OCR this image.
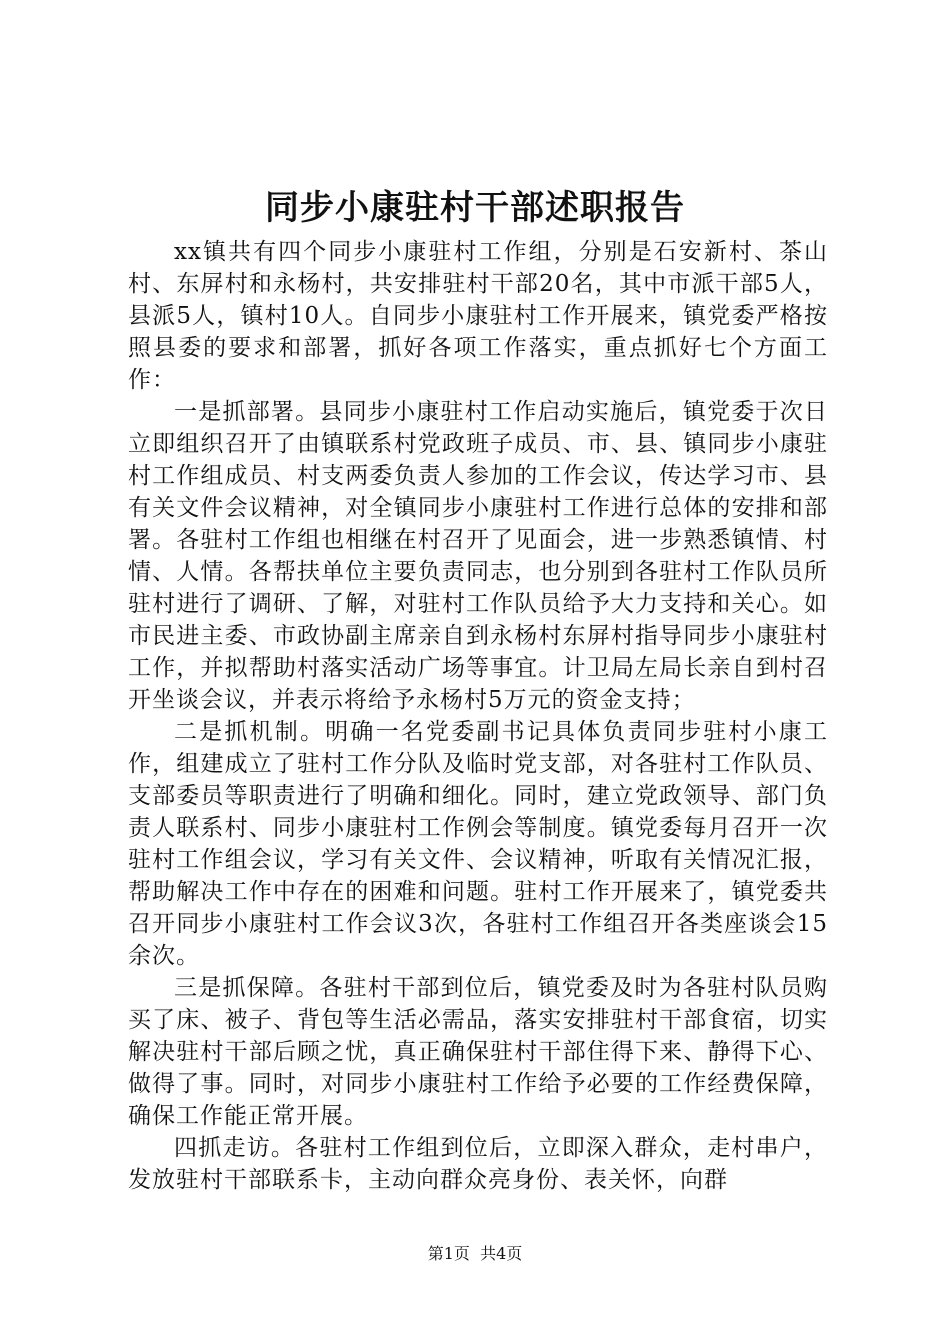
同步小康驻村干部述职报告

xx镇共有四个同步小康驻村工作组，分别是石安新村、茶山村、东屏村和永杨村，共安排驻村干部20名，其中市派干部5人，县派5人，镇村10人。自同步小康驻村工作开展来，镇党委严格按照县委的要求和部署，抓好各项工作落实，重点抓好七个方面工作：

一是抓部署。县同步小康驻村工作启动实施后，镇党委于次日立即组织召开了由镇联系村党政班子成员、市、县、镇同步小康驻村工作组成员、村支两委负责人参加的工作会议，传达学习市、县有关文件会议精神，对全镇同步小康驻村工作进行总体的安排和部署。各驻村工作组也相继在村召开了见面会，进一步熟悉镇情、村情、人情。各帮扶单位主要负责同志，也分别到各驻村工作队员所驻村进行了调研、了解，对驻村工作队员给予大力支持和关心。如市民进主委、市政协副主席亲自到永杨村东屏村指导同步小康驻村工作，并拟帮助村落实活动广场等事宜。计卫局左局长亲自到村召开坐谈会议，并表示将给予永杨村5万元的资金支持；

二是抓机制。明确一名党委副书记具体负责同步驻村小康工作，组建成立了驻村工作分队及临时党支部，对各驻村工作队员、支部委员等职责进行了明确和细化。同时，建立党政领导、部门负责人联系村、同步小康驻村工作例会等制度。镇党委每月召开一次驻村工作组会议，学习有关文件、会议精神，听取有关情况汇报，帮助解决工作中存在的困难和问题。驻村工作开展来了，镇党委共召开同步小康驻村工作会议3次，各驻村工作组召开各类座谈会15余次。

三是抓保障。各驻村干部到位后，镇党委及时为各驻村队员购买了床、被子、背包等生活必需品，落实安排驻村干部食宿，切实解决驻村干部后顾之忧，真正确保驻村干部住得下来、静得下心、做得了事。同时，对同步小康驻村工作给予必要的工作经费保障，确保工作能正常开展。

四抓走访。各驻村工作组到位后，立即深入群众，走村串户，发放驻村干部联系卡，主动向群众亮身份、表关怀，向群

第1页 共4页
